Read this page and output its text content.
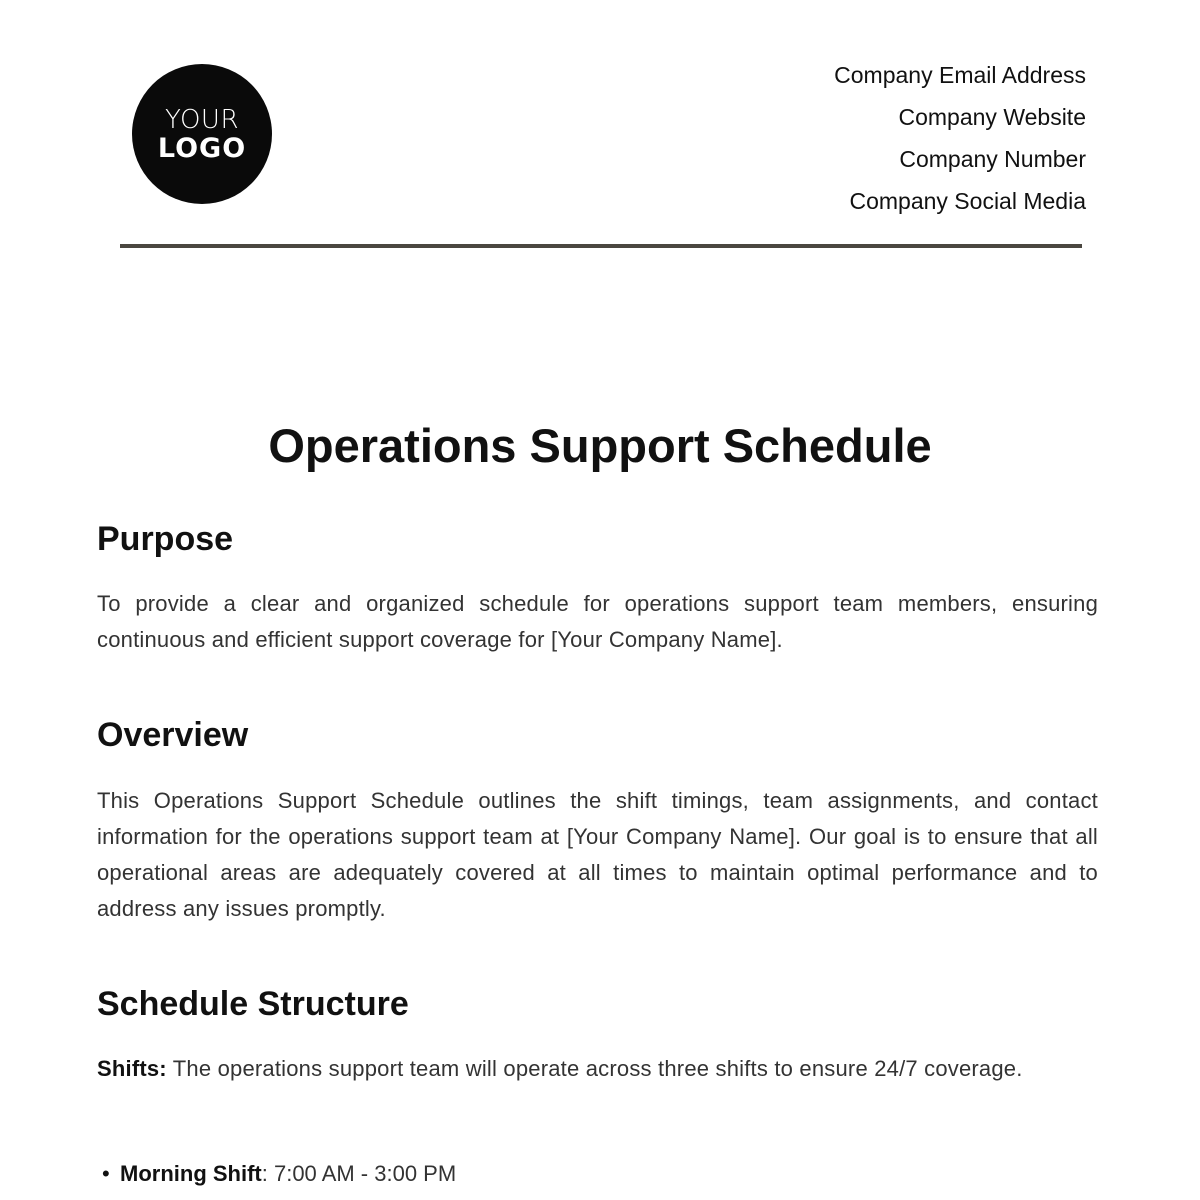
YOUR
LOGO
Company Email Address
Company Website
Company Number
Company Social Media
Operations Support Schedule
Purpose

To provide a clear and organized schedule for operations support team members, ensuring continuous and efficient support coverage for [Your Company Name].

Overview

This Operations Support Schedule outlines the shift timings, team assignments, and contact information for the operations support team at [Your Company Name]. Our goal is to ensure that all operational areas are adequately covered at all times to maintain optimal performance and to address any issues promptly.

Schedule Structure

Shifts: The operations support team will operate across three shifts to ensure 24/7 coverage.

• Morning Shift: 7:00 AM - 3:00 PM
